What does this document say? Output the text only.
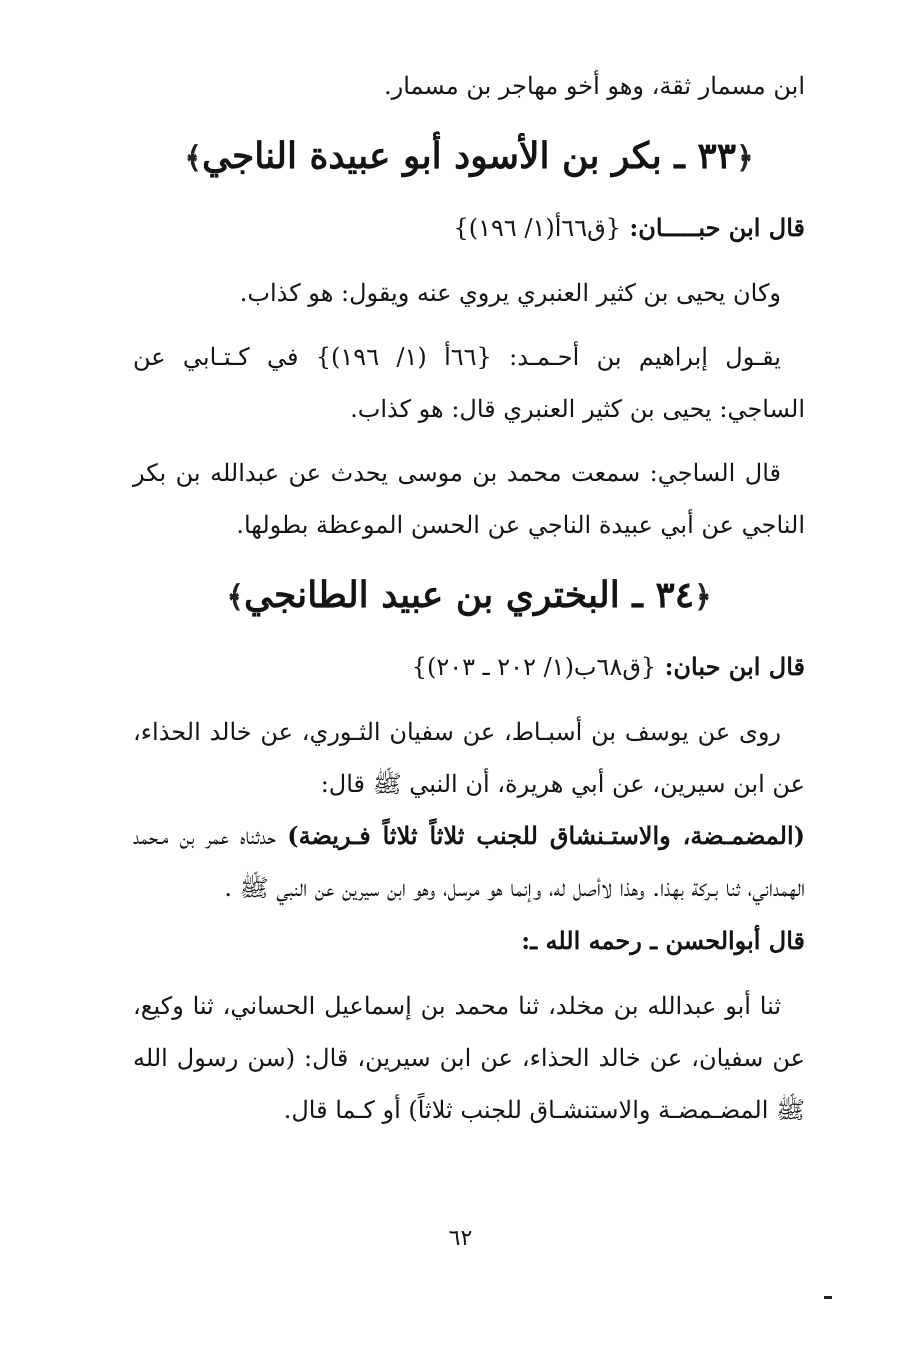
ابن مسمار ثقة، وهو أخو مهاجر بن مسمار.
﴿٣٣ ـ بكر بن الأسود أبو عبيدة الناجي﴾
قال ابن حبـــــان: {ق٦٦أ(١/ ١٩٦)}
وكان يحيى بن كثير العنبري يروي عنه ويقول: هو كذاب.
يقـول إبراهيم بن أحـمـد: {٦٦أ (١/ ١٩٦)} في كـتـابي عن الساجي: يحيى بن كثير العنبري قال: هو كذاب.
قال الساجي: سمعت محمد بن موسى يحدث عن عبدالله بن بكر الناجي عن أبي عبيدة الناجي عن الحسن الموعظة بطولها.
﴿٣٤ ـ البختري بن عبيد الطانجي﴾
قال ابن حبان: {ق٦٨ب(١/ ٢٠٢ ـ ٢٠٣)}
روى عن يوسف بن أسبـاط، عن سفيان الثـوري، عن خالد الحذاء، عن ابن سيرين، عن أبي هريرة، أن النبي ﷺ قال:
(المضمـضة، والاستـنشاق للجنب ثلاثاً ثلاثاً فـريضة) حدثناه عمر بن مـحمد الهمداني، ثنا بـركة بهذا. وهذا لاأصل له، وإنما هو مرسل، وهو ابن سيرين عن النبي ﷺ .
قال أبوالحسن ـ رحمه الله ـ:
ثنا أبو عبدالله بن مخلد، ثنا محمد بن إسماعيل الحساني، ثنا وكيع، عن سفيان، عن خالد الحذاء، عن ابن سيرين، قال: (سن رسول الله ﷺ المضـمضـة والاستنشـاق للجنب ثلاثاً) أو كـما قال.
٦٢
